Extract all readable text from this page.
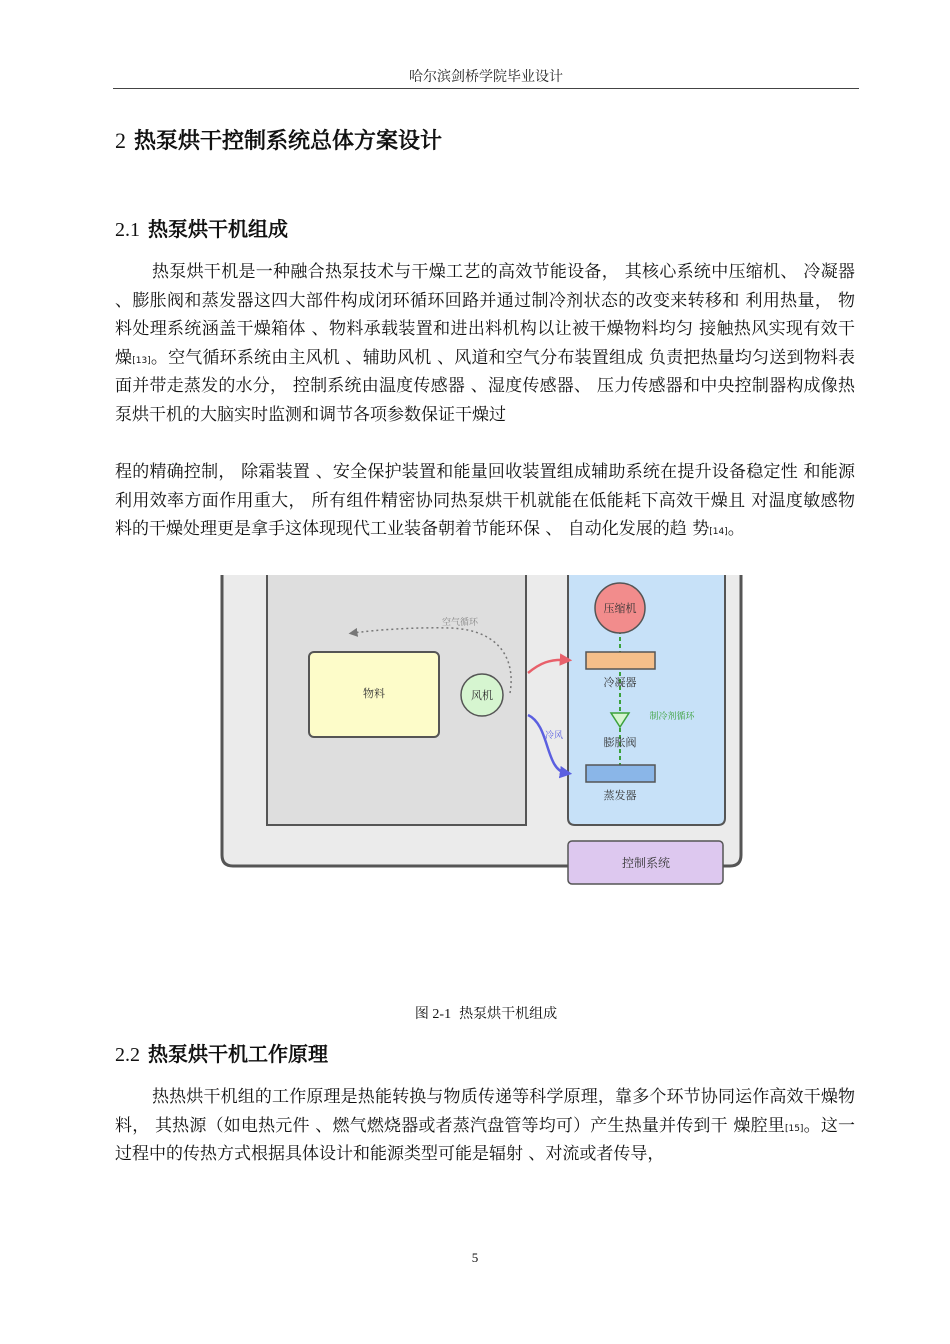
哈尔滨剑桥学院毕业设计
2 热泵烘干控制系统总体方案设计
2.1 热泵烘干机组成

热泵烘干机是一种融合热泵技术与干燥工艺的高效节能设备， 其核心系统中压缩机、 冷凝器 、膨胀阀和蒸发器这四大部件构成闭环循环回路并通过制冷剂状态的改变来转移和 利用热量， 物料处理系统涵盖干燥箱体 、物料承载装置和进出料机构以让被干燥物料均匀 接触热风实现有效干燥[13]。空气循环系统由主风机 、辅助风机 、风道和空气分布装置组成 负责把热量均匀送到物料表面并带走蒸发的水分， 控制系统由温度传感器 、湿度传感器、 压力传感器和中央控制器构成像热泵烘干机的大脑实时监测和调节各项参数保证干燥过

程的精确控制， 除霜装置 、安全保护装置和能量回收装置组成辅助系统在提升设备稳定性 和能源利用效率方面作用重大， 所有组件精密协同热泵烘干机就能在低能耗下高效干燥且 对温度敏感物料的干燥处理更是拿手这体现现代工业装备朝着节能环保 、 自动化发展的趋 势[14]。

物料	风机
空气循环
冷风
压缩机
冷凝器
膨胀阀
制冷剂循环
蒸发器
控制系统
图 2-1 热泵烘干机组成
2.2 热泵烘干机工作原理

热热烘干机组的工作原理是热能转换与物质传递等科学原理，靠多个环节协同运作高效干燥物料， 其热源（如电热元件 、燃气燃烧器或者蒸汽盘管等均可）产生热量并传到干 燥腔里[15]。这一过程中的传热方式根据具体设计和能源类型可能是辐射 、对流或者传导，

5
